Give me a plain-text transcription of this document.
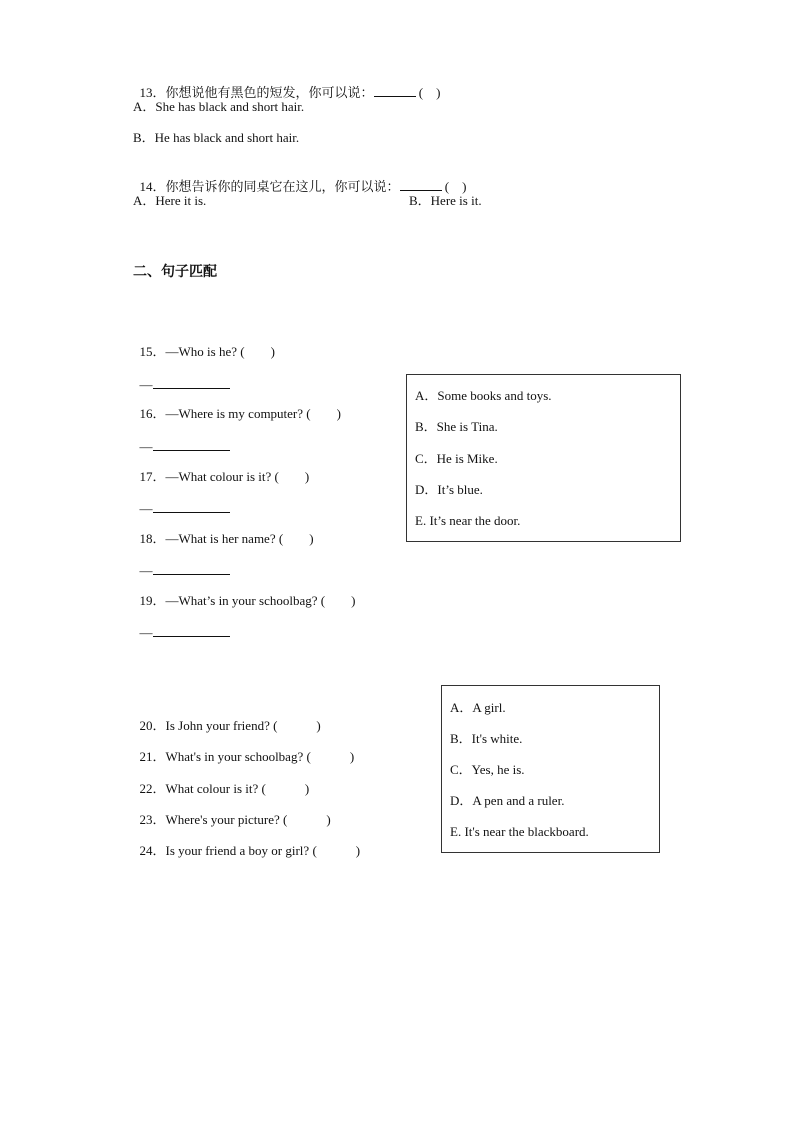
13．你想说他有黑色的短发，你可以说：	(    )

A．She has black and short hair.
B．He has black and short hair.

14．你想告诉你的同桌它在这儿，你可以说：	(    )

A．Here it is.	B．Here is it.
二、句子匹配

15．—Who is he? (        )

—

16．—Where is my computer? (        )

—

17．—What colour is it? (        )

—

18．—What is her name? (        )

—

19．—What’s in your schoolbag? (        )

—

A．Some books and toys.
B．She is Tina.
C．He is Mike.
D．It’s blue.
E. It’s near the door.

20．Is John your friend? (            )

21．What's in your schoolbag? (            )

22．What colour is it? (            )

23．Where's your picture? (            )

24．Is your friend a boy or girl? (            )

A．A girl.
B．It's white.
C．Yes, he is.
D．A pen and a ruler.
E. It's near the blackboard.
